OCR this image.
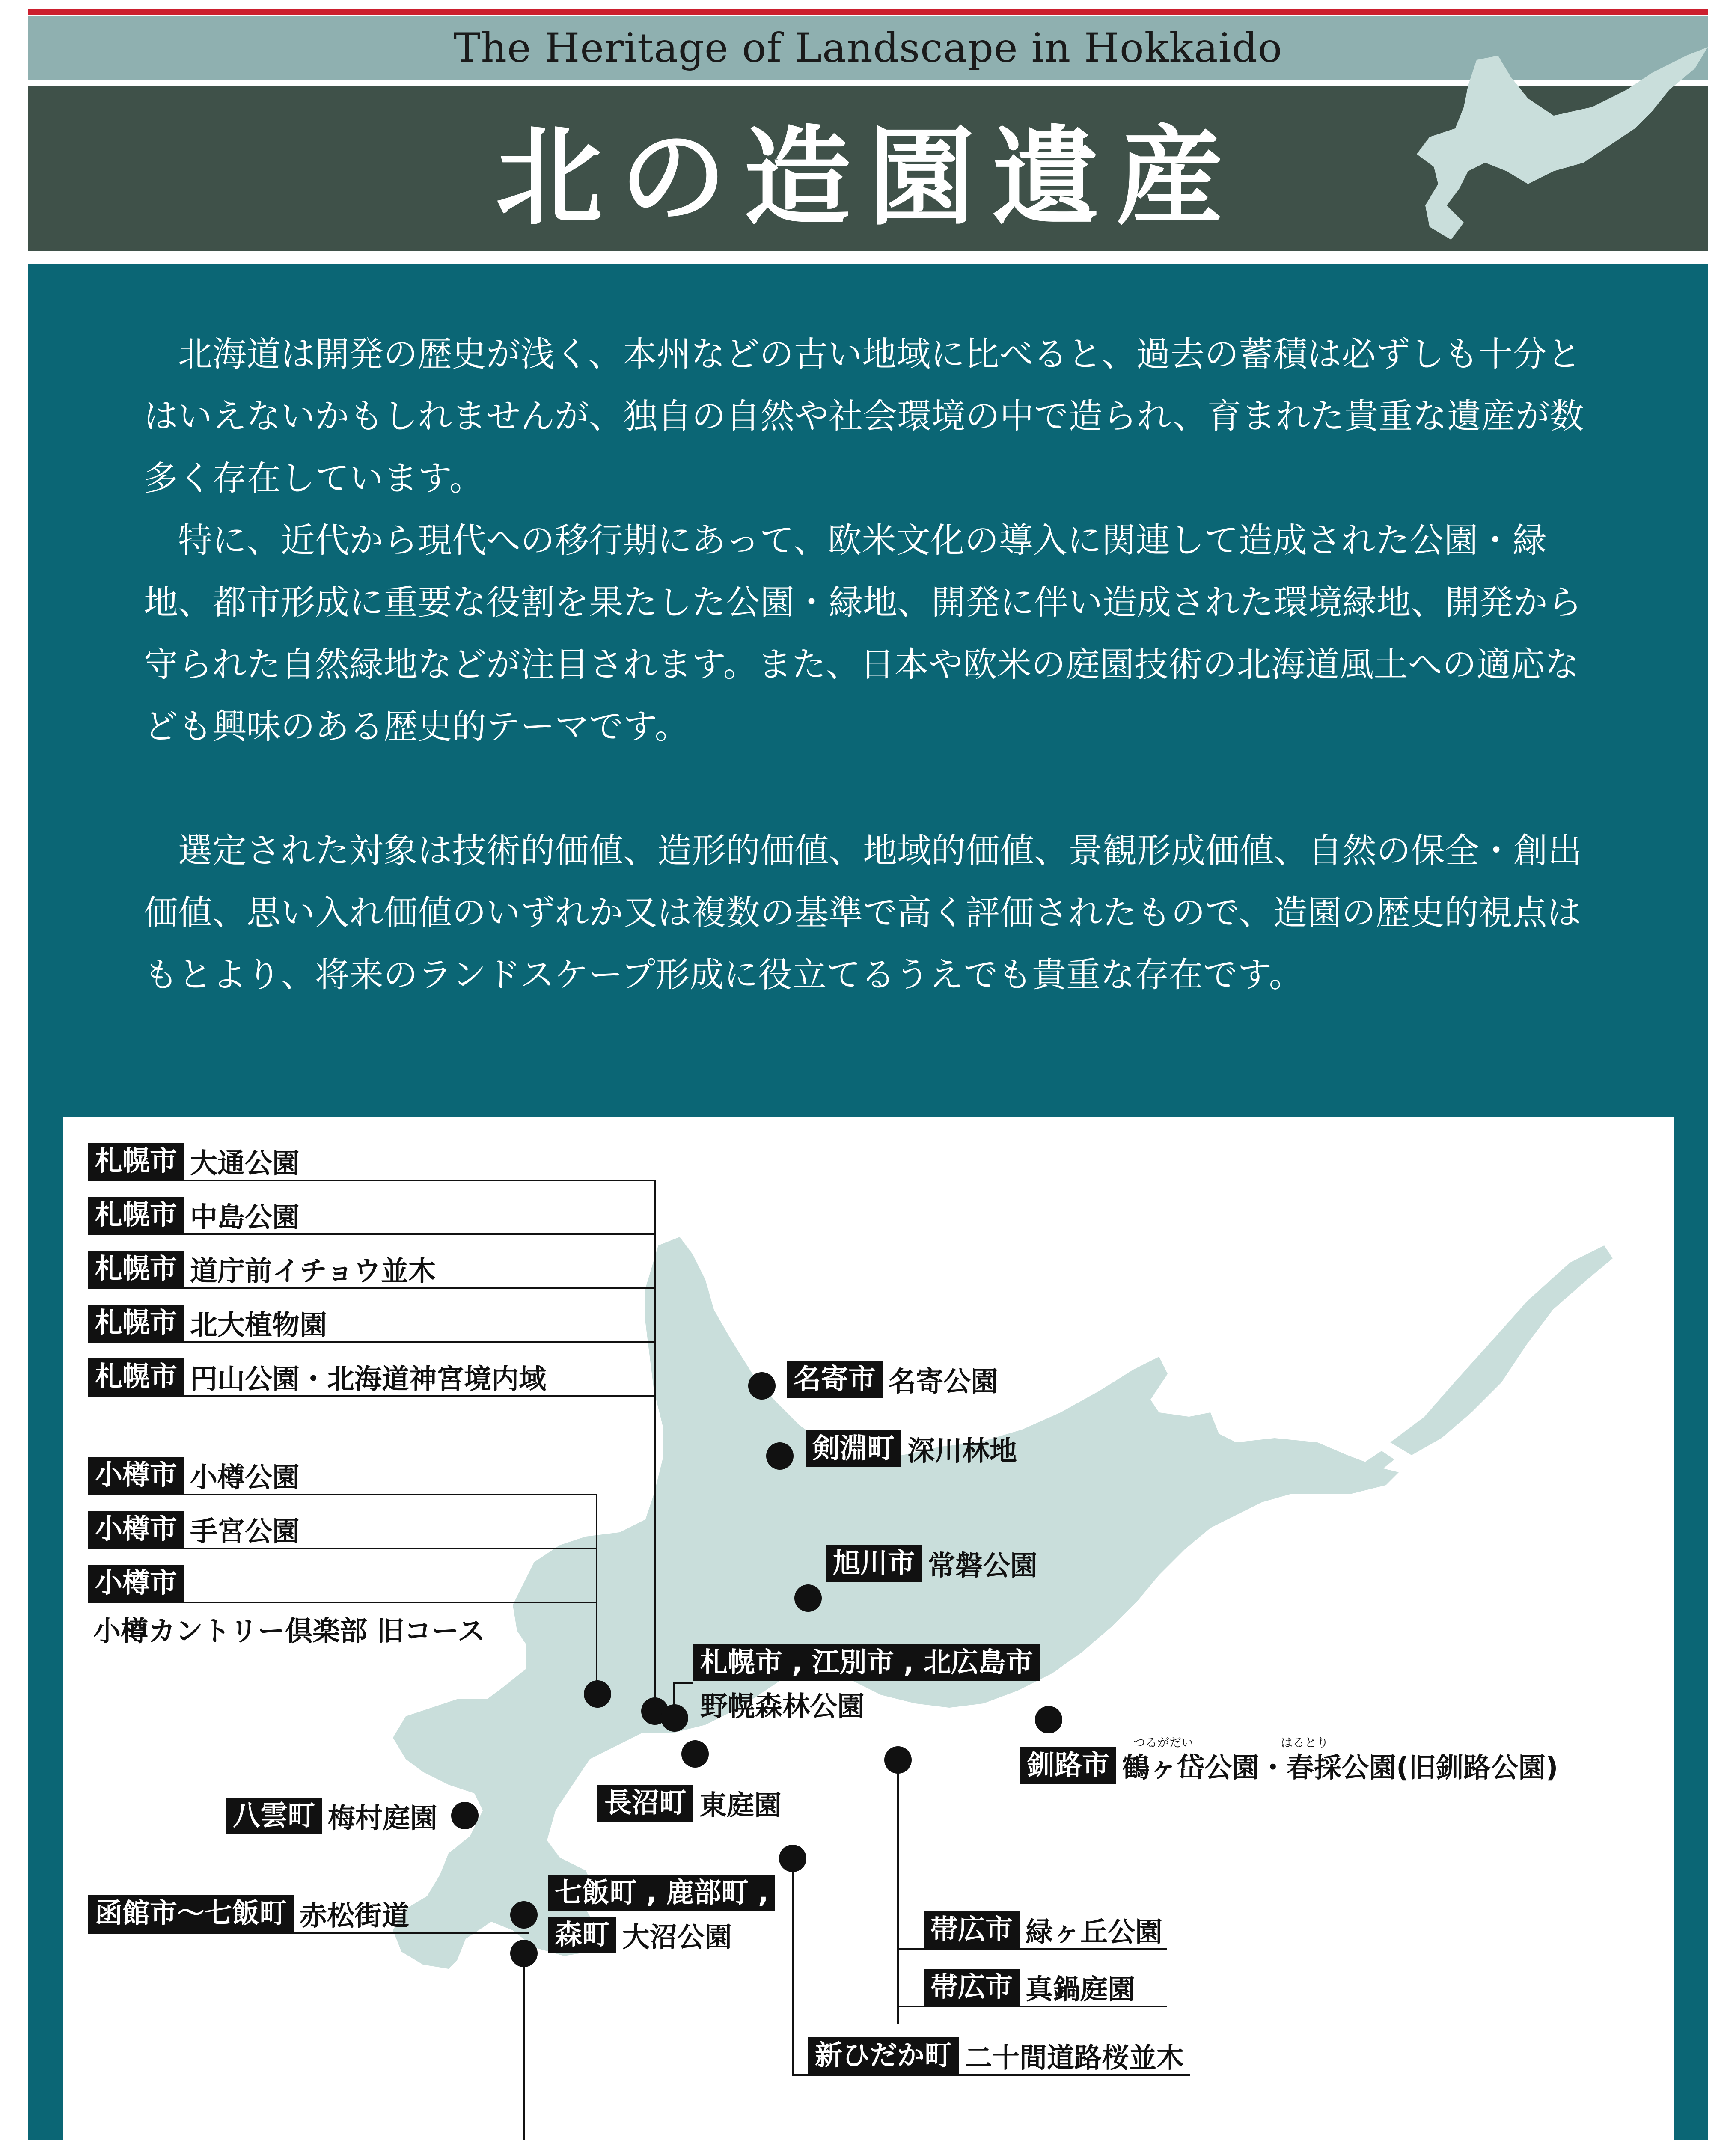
The Heritage of Landscape in Hokkaido
北の造園遺産

北海道は開発の歴史が浅く、本州などの古い地域に比べると、過去の蓄積は必ずしも十分とはいえないかもしれませんが、独自の自然や社会環境の中で造られ、育まれた貴重な遺産が数多く存在しています。

特に、近代から現代への移行期にあって、欧米文化の導入に関連して造成された公園・緑地、都市形成に重要な役割を果たした公園・緑地、開発に伴い造成された環境緑地、開発から守られた自然緑地などが注目されます。また、日本や欧米の庭園技術の北海道風土への適応なども興味のある歴史的テーマです。

選定された対象は技術的価値、造形的価値、地域的価値、景観形成価値、自然の保全・創出価値、思い入れ価値のいずれか又は複数の基準で高く評価されたもので、造園の歴史的視点はもとより、将来のランドスケープ形成に役立てるうえでも貴重な存在です。

札幌市 大通公園
札幌市 中島公園
札幌市 道庁前イチョウ並木
札幌市 北大植物園
札幌市 円山公園・北海道神宮境内域
小樽市 小樽公園
小樽市 手宮公園
小樽市
小樽カントリー倶楽部 旧コース
名寄市 名寄公園
剣淵町 深川林地
旭川市 常磐公園
札幌市 , 江別市 , 北広島市
野幌森林公園
長沼町 東庭園
釧路市 鶴ヶ岱公園・春採公園(旧釧路公園)
つるがだい	はるとり
帯広市 緑ヶ丘公園
帯広市 真鍋庭園
新ひだか町 二十間道路桜並木
八雲町 梅村庭園
函館市～七飯町 赤松街道
七飯町 , 鹿部町 ,
森町 大沼公園
